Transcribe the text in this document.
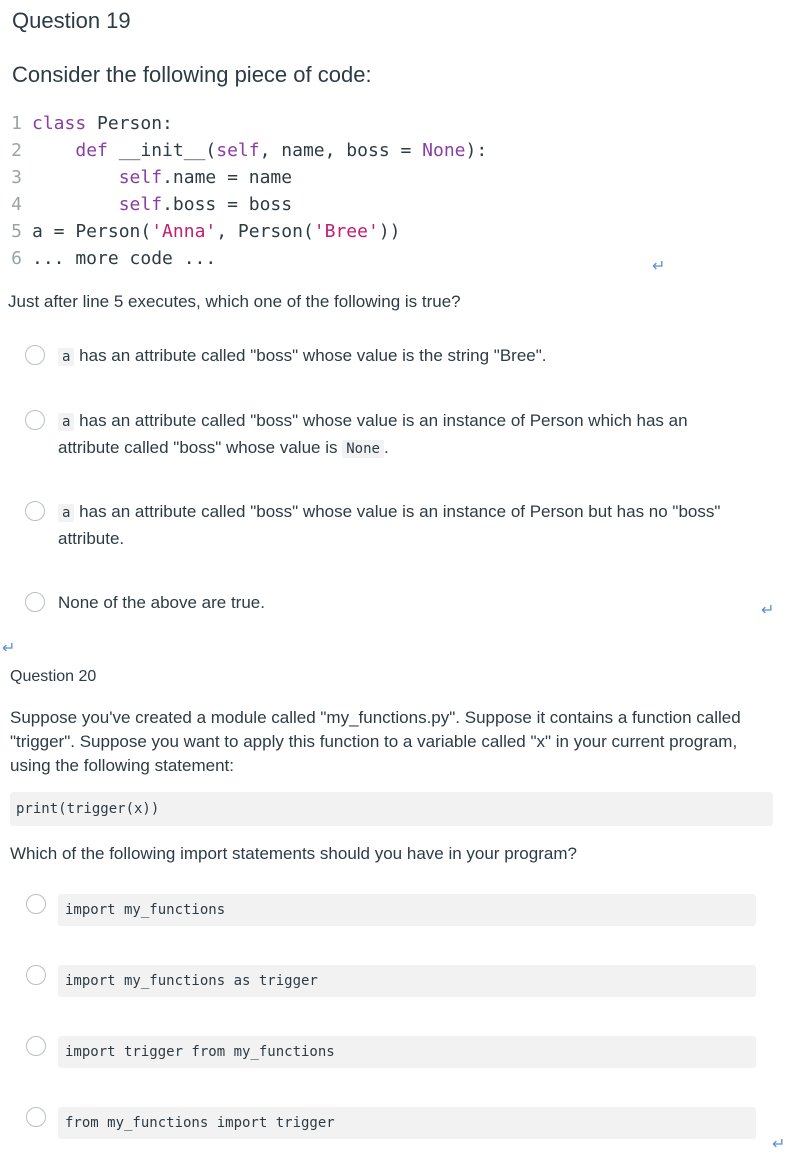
Question 19
Consider the following piece of code:
1 class Person:
2	def __init__(self, name, boss = None):
3	self.name = name
4	self.boss = boss
5 a = Person('Anna', Person('Bree'))
6 ... more code ...	↵
Just after line 5 executes, which one of the following is true?
a has an attribute called "boss" whose value is the string "Bree".
a has an attribute called "boss" whose value is an instance of Person which has an
attribute called "boss" whose value is None .
a has an attribute called "boss" whose value is an instance of Person but has no "boss"
attribute.
None of the above are true.	↵
↵
Question 20
Suppose you've created a module called "my_functions.py". Suppose it contains a function called "trigger". Suppose you want to apply this function to a variable called "x" in your current program, using the following statement:
print(trigger(x))
Which of the following import statements should you have in your program?
import my_functions
import my_functions as trigger
import trigger from my_functions
from my_functions import trigger
↵
